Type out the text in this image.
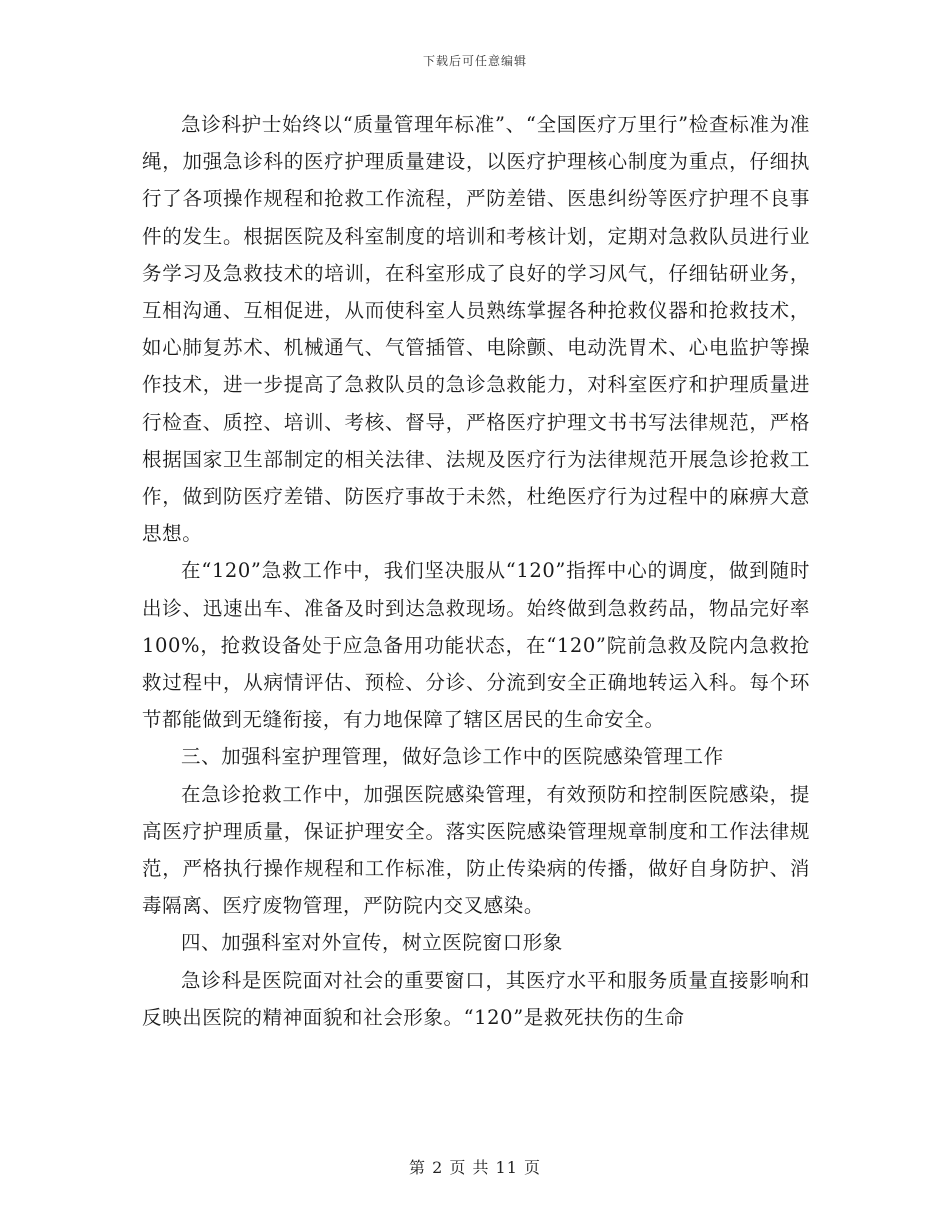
下载后可任意编辑

急诊科护士始终以“质量管理年标准”、“全国医疗万里行”检查标准为准绳，加强急诊科的医疗护理质量建设，以医疗护理核心制度为重点，仔细执行了各项操作规程和抢救工作流程，严防差错、医患纠纷等医疗护理不良事件的发生。根据医院及科室制度的培训和考核计划，定期对急救队员进行业务学习及急救技术的培训，在科室形成了良好的学习风气，仔细钻研业务，互相沟通、互相促进，从而使科室人员熟练掌握各种抢救仪器和抢救技术，如心肺复苏术、机械通气、气管插管、电除颤、电动洗胃术、心电监护等操作技术，进一步提高了急救队员的急诊急救能力，对科室医疗和护理质量进行检查、质控、培训、考核、督导，严格医疗护理文书书写法律规范，严格根据国家卫生部制定的相关法律、法规及医疗行为法律规范开展急诊抢救工作，做到防医疗差错、防医疗事故于未然，杜绝医疗行为过程中的麻痹大意思想。

在“120”急救工作中，我们坚决服从“120”指挥中心的调度，做到随时出诊、迅速出车、准备及时到达急救现场。始终做到急救药品，物品完好率100%，抢救设备处于应急备用功能状态，在“120”院前急救及院内急救抢救过程中，从病情评估、预检、分诊、分流到安全正确地转运入科。每个环节都能做到无缝衔接，有力地保障了辖区居民的生命安全。

三、加强科室护理管理，做好急诊工作中的医院感染管理工作

在急诊抢救工作中，加强医院感染管理，有效预防和控制医院感染，提高医疗护理质量，保证护理安全。落实医院感染管理规章制度和工作法律规范，严格执行操作规程和工作标准，防止传染病的传播，做好自身防护、消毒隔离、医疗废物管理，严防院内交叉感染。

四、加强科室对外宣传，树立医院窗口形象

急诊科是医院面对社会的重要窗口，其医疗水平和服务质量直接影响和反映出医院的精神面貌和社会形象。“120”是救死扶伤的生命

第 2 页 共 11 页
